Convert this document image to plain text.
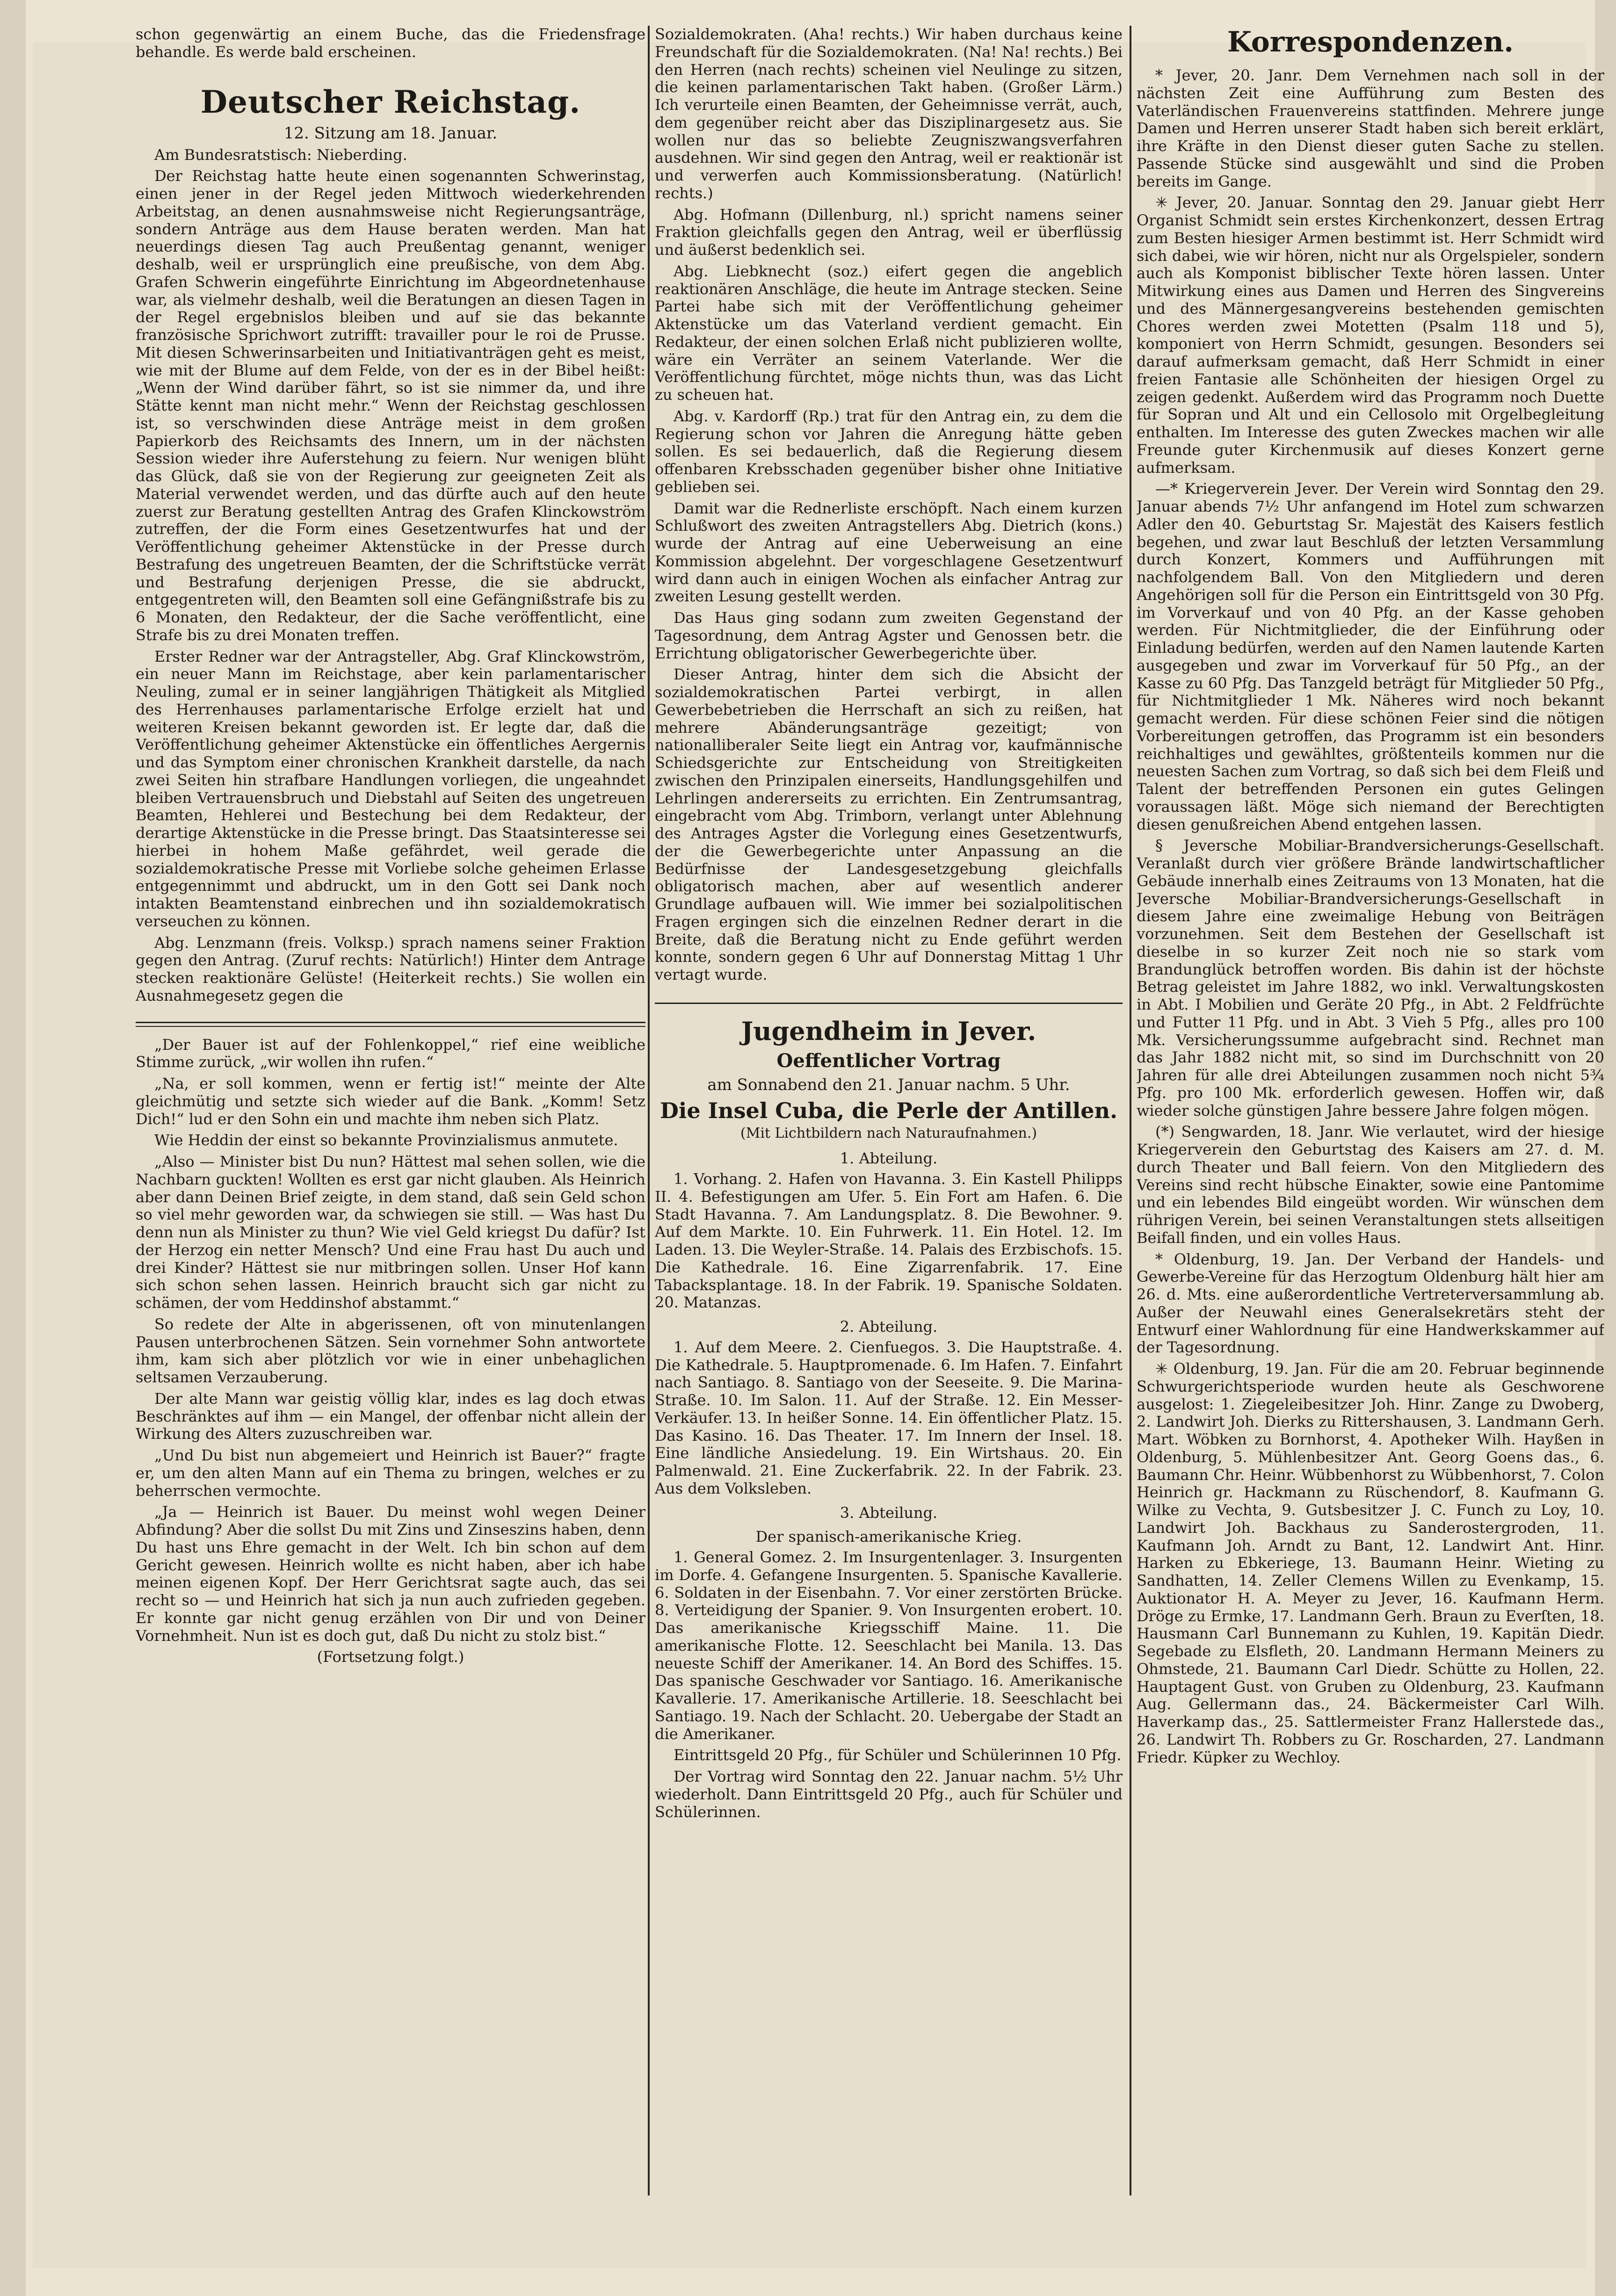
schon gegenwärtig an einem Buche, das die Friedensfrage behandle. Es werde bald erscheinen.

Deutscher Reichstag.

12. Sitzung am 18. Januar.

Am Bundesratstisch: Nieberding.

Der Reichstag hatte heute einen sogenannten Schwerinstag, einen jener in der Regel jeden Mittwoch wiederkehrenden Arbeitstag, an denen ausnahmsweise nicht Regierungsanträge, sondern Anträge aus dem Hause beraten werden. Man hat neuerdings diesen Tag auch Preußentag genannt, weniger deshalb, weil er ursprünglich eine preußische, von dem Abg. Grafen Schwerin eingeführte Einrichtung im Abgeordnetenhause war, als vielmehr deshalb, weil die Beratungen an diesen Tagen in der Regel ergebnislos bleiben und auf sie das bekannte französische Sprichwort zutrifft: travailler pour le roi de Prusse. Mit diesen Schwerinsarbeiten und Initiativanträgen geht es meist, wie mit der Blume auf dem Felde, von der es in der Bibel heißt: „Wenn der Wind darüber fährt, so ist sie nimmer da, und ihre Stätte kennt man nicht mehr.“ Wenn der Reichstag geschlossen ist, so verschwinden diese Anträge meist in dem großen Papierkorb des Reichsamts des Innern, um in der nächsten Session wieder ihre Auferstehung zu feiern. Nur wenigen blüht das Glück, daß sie von der Regierung zur geeigneten Zeit als Material verwendet werden, und das dürfte auch auf den heute zuerst zur Beratung gestellten Antrag des Grafen Klinckowström zutreffen, der die Form eines Gesetzentwurfes hat und der Veröffentlichung geheimer Aktenstücke in der Presse durch Bestrafung des ungetreuen Beamten, der die Schriftstücke verrät und Bestrafung derjenigen Presse, die sie abdruckt, entgegentreten will, den Beamten soll eine Gefängnißstrafe bis zu 6 Monaten, den Redakteur, der die Sache veröffentlicht, eine Strafe bis zu drei Monaten treffen.

Erster Redner war der Antragsteller, Abg. Graf Klinckowström, ein neuer Mann im Reichstage, aber kein parlamentarischer Neuling, zumal er in seiner langjährigen Thätigkeit als Mitglied des Herrenhauses parlamentarische Erfolge erzielt hat und weiteren Kreisen bekannt geworden ist. Er legte dar, daß die Veröffentlichung geheimer Aktenstücke ein öffentliches Aergernis und das Symptom einer chronischen Krankheit darstelle, da nach zwei Seiten hin strafbare Handlungen vorliegen, die ungeahndet bleiben Vertrauensbruch und Diebstahl auf Seiten des ungetreuen Beamten, Hehlerei und Bestechung bei dem Redakteur, der derartige Aktenstücke in die Presse bringt. Das Staatsinteresse sei hierbei in hohem Maße gefährdet, weil gerade die sozialdemokratische Presse mit Vorliebe solche geheimen Erlasse entgegennimmt und abdruckt, um in den Gott sei Dank noch intakten Beamtenstand einbrechen und ihn sozialdemokratisch verseuchen zu können.

Abg. Lenzmann (freis. Volksp.) sprach namens seiner Fraktion gegen den Antrag. (Zuruf rechts: Natürlich!) Hinter dem Antrage stecken reaktionäre Gelüste! (Heiterkeit rechts.) Sie wollen ein Ausnahmegesetz gegen die

„Der Bauer ist auf der Fohlenkoppel,“ rief eine weibliche Stimme zurück, „wir wollen ihn rufen.“

„Na, er soll kommen, wenn er fertig ist!“ meinte der Alte gleichmütig und setzte sich wieder auf die Bank. „Komm! Setz Dich!“ lud er den Sohn ein und machte ihm neben sich Platz.

Wie Heddin der einst so bekannte Provinzialismus anmutete.

„Also — Minister bist Du nun? Hättest mal sehen sollen, wie die Nachbarn guckten! Wollten es erst gar nicht glauben. Als Heinrich aber dann Deinen Brief zeigte, in dem stand, daß sein Geld schon so viel mehr geworden war, da schwiegen sie still. — Was hast Du denn nun als Minister zu thun? Wie viel Geld kriegst Du dafür? Ist der Herzog ein netter Mensch? Und eine Frau hast Du auch und drei Kinder? Hättest sie nur mitbringen sollen. Unser Hof kann sich schon sehen lassen. Heinrich braucht sich gar nicht zu schämen, der vom Heddinshof abstammt.“

So redete der Alte in abgerissenen, oft von minutenlangen Pausen unterbrochenen Sätzen. Sein vornehmer Sohn antwortete ihm, kam sich aber plötzlich vor wie in einer unbehaglichen seltsamen Verzauberung.

Der alte Mann war geistig völlig klar, indes es lag doch etwas Beschränktes auf ihm — ein Mangel, der offenbar nicht allein der Wirkung des Alters zuzuschreiben war.

„Und Du bist nun abgemeiert und Heinrich ist Bauer?“ fragte er, um den alten Mann auf ein Thema zu bringen, welches er zu beherrschen vermochte.

„Ja — Heinrich ist Bauer. Du meinst wohl wegen Deiner Abfindung? Aber die sollst Du mit Zins und Zinseszins haben, denn Du hast uns Ehre gemacht in der Welt. Ich bin schon auf dem Gericht gewesen. Heinrich wollte es nicht haben, aber ich habe meinen eigenen Kopf. Der Herr Gerichtsrat sagte auch, das sei recht so — und Heinrich hat sich ja nun auch zufrieden gegeben. Er konnte gar nicht genug erzählen von Dir und von Deiner Vornehmheit. Nun ist es doch gut, daß Du nicht zu stolz bist.“

(Fortsetzung folgt.)

Sozialdemokraten. (Aha! rechts.) Wir haben durchaus keine Freundschaft für die Sozialdemokraten. (Na! Na! rechts.) Bei den Herren (nach rechts) scheinen viel Neulinge zu sitzen, die keinen parlamentarischen Takt haben. (Großer Lärm.) Ich verurteile einen Beamten, der Geheimnisse verrät, auch, dem gegenüber reicht aber das Disziplinargesetz aus. Sie wollen nur das so beliebte Zeugniszwangsverfahren ausdehnen. Wir sind gegen den Antrag, weil er reaktionär ist und verwerfen auch Kommissionsberatung. (Natürlich! rechts.)

Abg. Hofmann (Dillenburg, nl.) spricht namens seiner Fraktion gleichfalls gegen den Antrag, weil er überflüssig und äußerst bedenklich sei.

Abg. Liebknecht (soz.) eifert gegen die angeblich reaktionären Anschläge, die heute im Antrage stecken. Seine Partei habe sich mit der Veröffentlichung geheimer Aktenstücke um das Vaterland verdient gemacht. Ein Redakteur, der einen solchen Erlaß nicht publizieren wollte, wäre ein Verräter an seinem Vaterlande. Wer die Veröffentlichung fürchtet, möge nichts thun, was das Licht zu scheuen hat.

Abg. v. Kardorff (Rp.) trat für den Antrag ein, zu dem die Regierung schon vor Jahren die Anregung hätte geben sollen. Es sei bedauerlich, daß die Regierung diesem offenbaren Krebsschaden gegenüber bisher ohne Initiative geblieben sei.

Damit war die Rednerliste erschöpft. Nach einem kurzen Schlußwort des zweiten Antragstellers Abg. Dietrich (kons.) wurde der Antrag auf eine Ueberweisung an eine Kommission abgelehnt. Der vorgeschlagene Gesetzentwurf wird dann auch in einigen Wochen als einfacher Antrag zur zweiten Lesung gestellt werden.

Das Haus ging sodann zum zweiten Gegenstand der Tagesordnung, dem Antrag Agster und Genossen betr. die Errichtung obligatorischer Gewerbegerichte über.

Dieser Antrag, hinter dem sich die Absicht der sozialdemokratischen Partei verbirgt, in allen Gewerbebetrieben die Herrschaft an sich zu reißen, hat mehrere Abänderungsanträge gezeitigt; von nationalliberaler Seite liegt ein Antrag vor, kaufmännische Schiedsgerichte zur Entscheidung von Streitigkeiten zwischen den Prinzipalen einerseits, Handlungsgehilfen und Lehrlingen andererseits zu errichten. Ein Zentrumsantrag, eingebracht vom Abg. Trimborn, verlangt unter Ablehnung des Antrages Agster die Vorlegung eines Gesetzentwurfs, der die Gewerbegerichte unter Anpassung an die Bedürfnisse der Landesgesetzgebung gleichfalls obligatorisch machen, aber auf wesentlich anderer Grundlage aufbauen will. Wie immer bei sozialpolitischen Fragen ergingen sich die einzelnen Redner derart in die Breite, daß die Beratung nicht zu Ende geführt werden konnte, sondern gegen 6 Uhr auf Donnerstag Mittag 1 Uhr vertagt wurde.

Jugendheim in Jever.

Oeffentlicher Vortrag

am Sonnabend den 21. Januar nachm. 5 Uhr.

Die Insel Cuba, die Perle der Antillen.

(Mit Lichtbildern nach Naturaufnahmen.)

1. Abteilung.

1. Vorhang. 2. Hafen von Havanna. 3. Ein Kastell Philipps II. 4. Befestigungen am Ufer. 5. Ein Fort am Hafen. 6. Die Stadt Havanna. 7. Am Landungsplatz. 8. Die Bewohner. 9. Auf dem Markte. 10. Ein Fuhrwerk. 11. Ein Hotel. 12. Im Laden. 13. Die Weyler-Straße. 14. Palais des Erzbischofs. 15. Die Kathedrale. 16. Eine Zigarrenfabrik. 17. Eine Tabacksplantage. 18. In der Fabrik. 19. Spanische Soldaten. 20. Matanzas.

2. Abteilung.

1. Auf dem Meere. 2. Cienfuegos. 3. Die Hauptstraße. 4. Die Kathedrale. 5. Hauptpromenade. 6. Im Hafen. 7. Einfahrt nach Santiago. 8. Santiago von der Seeseite. 9. Die Marina-Straße. 10. Im Salon. 11. Auf der Straße. 12. Ein Messer-Verkäufer. 13. In heißer Sonne. 14. Ein öffentlicher Platz. 15. Das Kasino. 16. Das Theater. 17. Im Innern der Insel. 18. Eine ländliche Ansiedelung. 19. Ein Wirtshaus. 20. Ein Palmenwald. 21. Eine Zuckerfabrik. 22. In der Fabrik. 23. Aus dem Volksleben.

3. Abteilung.

Der spanisch-amerikanische Krieg.

1. General Gomez. 2. Im Insurgentenlager. 3. Insurgenten im Dorfe. 4. Gefangene Insurgenten. 5. Spanische Kavallerie. 6. Soldaten in der Eisenbahn. 7. Vor einer zerstörten Brücke. 8. Verteidigung der Spanier. 9. Von Insurgenten erobert. 10. Das amerikanische Kriegsschiff Maine. 11. Die amerikanische Flotte. 12. Seeschlacht bei Manila. 13. Das neueste Schiff der Amerikaner. 14. An Bord des Schiffes. 15. Das spanische Geschwader vor Santiago. 16. Amerikanische Kavallerie. 17. Amerikanische Artillerie. 18. Seeschlacht bei Santiago. 19. Nach der Schlacht. 20. Uebergabe der Stadt an die Amerikaner.

Eintrittsgeld 20 Pfg., für Schüler und Schülerinnen 10 Pfg.

Der Vortrag wird Sonntag den 22. Januar nachm. 5½ Uhr wiederholt. Dann Eintrittsgeld 20 Pfg., auch für Schüler und Schülerinnen.

Korrespondenzen.

* Jever, 20. Janr. Dem Vernehmen nach soll in der nächsten Zeit eine Aufführung zum Besten des Vaterländischen Frauenvereins stattfinden. Mehrere junge Damen und Herren unserer Stadt haben sich bereit erklärt, ihre Kräfte in den Dienst dieser guten Sache zu stellen. Passende Stücke sind ausgewählt und sind die Proben bereits im Gange.

✳ Jever, 20. Januar. Sonntag den 29. Januar giebt Herr Organist Schmidt sein erstes Kirchenkonzert, dessen Ertrag zum Besten hiesiger Armen bestimmt ist. Herr Schmidt wird sich dabei, wie wir hören, nicht nur als Orgelspieler, sondern auch als Komponist biblischer Texte hören lassen. Unter Mitwirkung eines aus Damen und Herren des Singvereins und des Männergesangvereins bestehenden gemischten Chores werden zwei Motetten (Psalm 118 und 5), komponiert von Herrn Schmidt, gesungen. Besonders sei darauf aufmerksam gemacht, daß Herr Schmidt in einer freien Fantasie alle Schönheiten der hiesigen Orgel zu zeigen gedenkt. Außerdem wird das Programm noch Duette für Sopran und Alt und ein Cellosolo mit Orgelbegleitung enthalten. Im Interesse des guten Zweckes machen wir alle Freunde guter Kirchenmusik auf dieses Konzert gerne aufmerksam.

—* Kriegerverein Jever. Der Verein wird Sonntag den 29. Januar abends 7½ Uhr anfangend im Hotel zum schwarzen Adler den 40. Geburtstag Sr. Majestät des Kaisers festlich begehen, und zwar laut Beschluß der letzten Versammlung durch Konzert, Kommers und Aufführungen mit nachfolgendem Ball. Von den Mitgliedern und deren Angehörigen soll für die Person ein Eintrittsgeld von 30 Pfg. im Vorverkauf und von 40 Pfg. an der Kasse gehoben werden. Für Nichtmitglieder, die der Einführung oder Einladung bedürfen, werden auf den Namen lautende Karten ausgegeben und zwar im Vorverkauf für 50 Pfg., an der Kasse zu 60 Pfg. Das Tanzgeld beträgt für Mitglieder 50 Pfg., für Nichtmitglieder 1 Mk. Näheres wird noch bekannt gemacht werden. Für diese schönen Feier sind die nötigen Vorbereitungen getroffen, das Programm ist ein besonders reichhaltiges und gewähltes, größtenteils kommen nur die neuesten Sachen zum Vortrag, so daß sich bei dem Fleiß und Talent der betreffenden Personen ein gutes Gelingen voraussagen läßt. Möge sich niemand der Berechtigten diesen genußreichen Abend entgehen lassen.

§ Jeversche Mobiliar-Brandversicherungs-Gesellschaft. Veranlaßt durch vier größere Brände landwirtschaftlicher Gebäude innerhalb eines Zeitraums von 13 Monaten, hat die Jeversche Mobiliar-Brandversicherungs-Gesellschaft in diesem Jahre eine zweimalige Hebung von Beiträgen vorzunehmen. Seit dem Bestehen der Gesellschaft ist dieselbe in so kurzer Zeit noch nie so stark vom Brandunglück betroffen worden. Bis dahin ist der höchste Betrag geleistet im Jahre 1882, wo inkl. Verwaltungskosten in Abt. I Mobilien und Geräte 20 Pfg., in Abt. 2 Feldfrüchte und Futter 11 Pfg. und in Abt. 3 Vieh 5 Pfg., alles pro 100 Mk. Versicherungssumme aufgebracht sind. Rechnet man das Jahr 1882 nicht mit, so sind im Durchschnitt von 20 Jahren für alle drei Abteilungen zusammen noch nicht 5¾ Pfg. pro 100 Mk. erforderlich gewesen. Hoffen wir, daß wieder solche günstigen Jahre bessere Jahre folgen mögen.

(*) Sengwarden, 18. Janr. Wie verlautet, wird der hiesige Kriegerverein den Geburtstag des Kaisers am 27. d. M. durch Theater und Ball feiern. Von den Mitgliedern des Vereins sind recht hübsche Einakter, sowie eine Pantomime und ein lebendes Bild eingeübt worden. Wir wünschen dem rührigen Verein, bei seinen Veranstaltungen stets allseitigen Beifall finden, und ein volles Haus.

* Oldenburg, 19. Jan. Der Verband der Handels- und Gewerbe-Vereine für das Herzogtum Oldenburg hält hier am 26. d. Mts. eine außerordentliche Vertreterversammlung ab. Außer der Neuwahl eines Generalsekretärs steht der Entwurf einer Wahlordnung für eine Handwerkskammer auf der Tagesordnung.

✳ Oldenburg, 19. Jan. Für die am 20. Februar beginnende Schwurgerichtsperiode wurden heute als Geschworene ausgelost: 1. Ziegeleibesitzer Joh. Hinr. Zange zu Dwoberg, 2. Landwirt Joh. Dierks zu Rittershausen, 3. Landmann Gerh. Mart. Wöbken zu Bornhorst, 4. Apotheker Wilh. Hayßen in Oldenburg, 5. Mühlenbesitzer Ant. Georg Goens das., 6. Baumann Chr. Heinr. Wübbenhorst zu Wübbenhorst, 7. Colon Heinrich gr. Hackmann zu Rüschendorf, 8. Kaufmann G. Wilke zu Vechta, 9. Gutsbesitzer J. C. Funch zu Loy, 10. Landwirt Joh. Backhaus zu Sanderostergroden, 11. Kaufmann Joh. Arndt zu Bant, 12. Landwirt Ant. Hinr. Harken zu Ebkeriege, 13. Baumann Heinr. Wieting zu Sandhatten, 14. Zeller Clemens Willen zu Evenkamp, 15. Auktionator H. A. Meyer zu Jever, 16. Kaufmann Herm. Dröge zu Ermke, 17. Landmann Gerh. Braun zu Everſten, 18. Hausmann Carl Bunnemann zu Kuhlen, 19. Kapitän Diedr. Segebade zu Elsfleth, 20. Landmann Hermann Meiners zu Ohmstede, 21. Baumann Carl Diedr. Schütte zu Hollen, 22. Hauptagent Gust. von Gruben zu Oldenburg, 23. Kaufmann Aug. Gellermann das., 24. Bäckermeister Carl Wilh. Haverkamp das., 25. Sattlermeister Franz Hallerstede das., 26. Landwirt Th. Robbers zu Gr. Roscharden, 27. Landmann Friedr. Küpker zu Wechloy.
